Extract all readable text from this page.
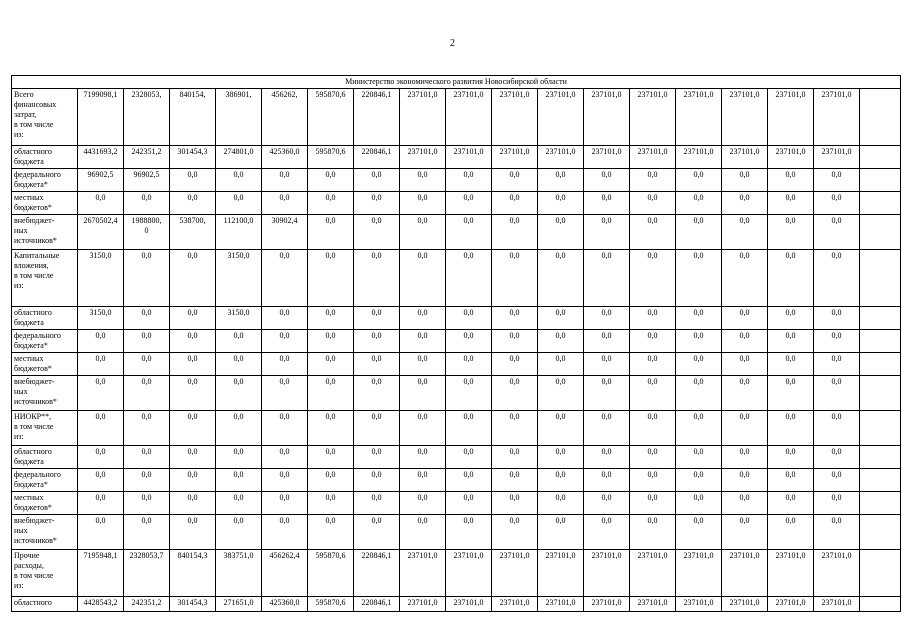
2
Министерство экономического развития Новосибирской области																		
Всего
финансовых
затрат,
в том числе
из:	7199098,1	2328053,	840154,	386901,	456262,	595870,6	220846,1	237101,0	237101,0	237101,0	237101,0	237101,0	237101,0	237101,0	237101,0	237101,0	237101,0	
областного
бюджета	4431693,2	242351,2	301454,3	274801,0	425360,0	595870,6	220846,1	237101,0	237101,0	237101,0	237101,0	237101,0	237101,0	237101,0	237101,0	237101,0	237101,0	
федерального
бюджета*	96902,5	96902,5	0,0	0,0	0,0	0,0	0,0	0,0	0,0	0,0	0,0	0,0	0,0	0,0	0,0	0,0	0,0	
местных
бюджетов*	0,0	0,0	0,0	0,0	0,0	0,0	0,0	0,0	0,0	0,0	0,0	0,0	0,0	0,0	0,0	0,0	0,0	
внебюджет-
ных
источников*	2670502,4	1988800,
0	538700,	112100,0	30902,4	0,0	0,0	0,0	0,0	0,0	0,0	0,0	0,0	0,0	0,0	0,0	0,0	
Капитальные
вложения,
в том числе
из:	3150,0	0,0	0,0	3150,0	0,0	0,0	0,0	0,0	0,0	0,0	0,0	0,0	0,0	0,0	0,0	0,0	0,0	
областного
бюджета	3150,0	0,0	0,0	3150,0	0,0	0,0	0,0	0,0	0,0	0,0	0,0	0,0	0,0	0,0	0,0	0,0	0,0	
федерального
бюджета*	0,0	0,0	0,0	0,0	0,0	0,0	0,0	0,0	0,0	0,0	0,0	0,0	0,0	0,0	0,0	0,0	0,0	
местных
бюджетов*	0,0	0,0	0,0	0,0	0,0	0,0	0,0	0,0	0,0	0,0	0,0	0,0	0,0	0,0	0,0	0,0	0,0	
внебюджет-
ных
источников*	0,0	0,0	0,0	0,0	0,0	0,0	0,0	0,0	0,0	0,0	0,0	0,0	0,0	0,0	0,0	0,0	0,0	
НИОКР**,
в том числе
из:	0,0	0,0	0,0	0,0	0,0	0,0	0,0	0,0	0,0	0,0	0,0	0,0	0,0	0,0	0,0	0,0	0,0	
областного
бюджета	0,0	0,0	0,0	0,0	0,0	0,0	0,0	0,0	0,0	0,0	0,0	0,0	0,0	0,0	0,0	0,0	0,0	
федерального
бюджета*	0,0	0,0	0,0	0,0	0,0	0,0	0,0	0,0	0,0	0,0	0,0	0,0	0,0	0,0	0,0	0,0	0,0	
местных
бюджетов*	0,0	0,0	0,0	0,0	0,0	0,0	0,0	0,0	0,0	0,0	0,0	0,0	0,0	0,0	0,0	0,0	0,0	
внебюджет-
ных
источников*	0,0	0,0	0,0	0,0	0,0	0,0	0,0	0,0	0,0	0,0	0,0	0,0	0,0	0,0	0,0	0,0	0,0	
Прочие
расходы,
в том числе
из:	7195948,1	2328053,7	840154,3	383751,0	456262,4	595870,6	220846,1	237101,0	237101,0	237101,0	237101,0	237101,0	237101,0	237101,0	237101,0	237101,0	237101,0	
областного	4428543,2	242351,2	301454,3	271651,0	425360,0	595870,6	220846,1	237101,0	237101,0	237101,0	237101,0	237101,0	237101,0	237101,0	237101,0	237101,0	237101,0	
